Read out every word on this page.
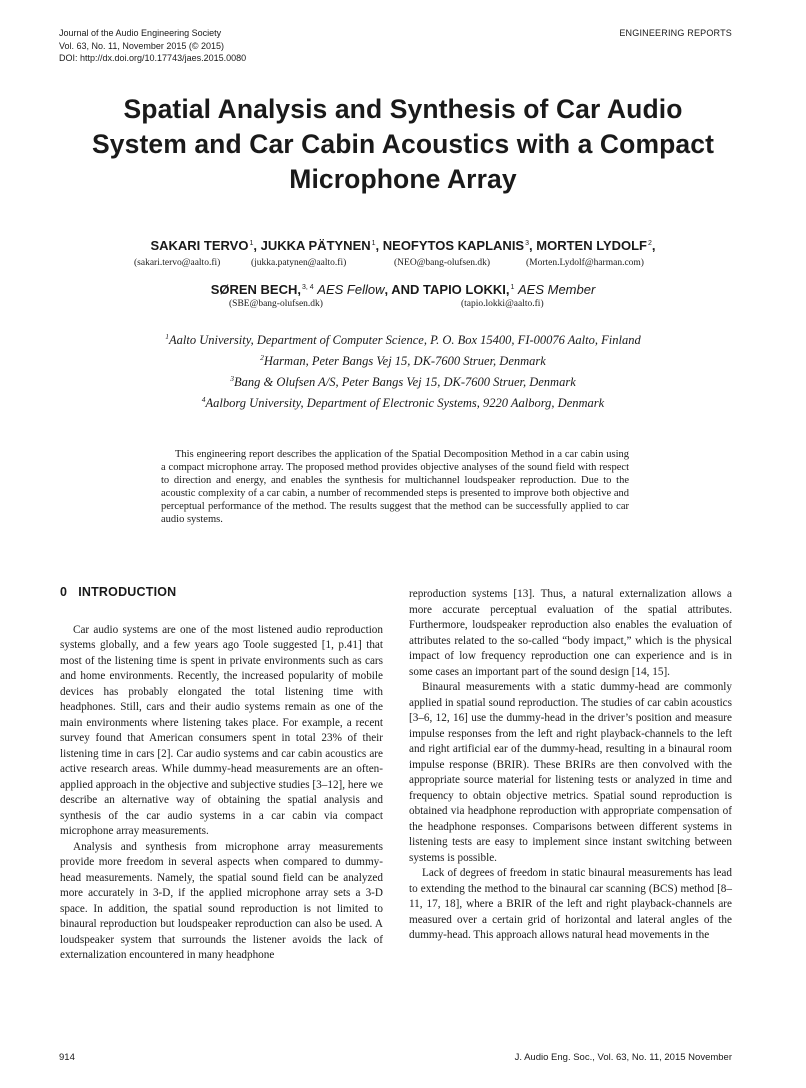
Journal of the Audio Engineering Society
Vol. 63, No. 11, November 2015 (© 2015)
DOI: http://dx.doi.org/10.17743/jaes.2015.0080
ENGINEERING REPORTS
Spatial Analysis and Synthesis of Car Audio
System and Car Cabin Acoustics with a Compact
Microphone Array
SAKARI TERVO$^1$, JUKKA PÄTYNEN$^1$, NEOFYTOS KAPLANIS$^3$, MORTEN LYDOLF$^2$,
(sakari.tervo@aalto.fi)	(jukka.patynen@aalto.fi)	(NEO@bang-olufsen.dk)	(Morten.Lydolf@harman.com)
SØREN BECH,$^{3, 4}$ AES Fellow, AND TAPIO LOKKI,$^1$ AES Member
(SBE@bang-olufsen.dk)	(tapio.lokki@aalto.fi)
$^1$Aalto University, Department of Computer Science, P. O. Box 15400, FI-00076 Aalto, Finland
$^2$Harman, Peter Bangs Vej 15, DK-7600 Struer, Denmark
$^3$Bang & Olufsen A/S, Peter Bangs Vej 15, DK-7600 Struer, Denmark
$^4$Aalborg University, Department of Electronic Systems, 9220 Aalborg, Denmark
This engineering report describes the application of the Spatial Decomposition Method in a car cabin using a compact microphone array. The proposed method provides objective analyses of the sound field with respect to direction and energy, and enables the synthesis for multichannel loudspeaker reproduction. Due to the acoustic complexity of a car cabin, a number of recommended steps is presented to improve both objective and perceptual performance of the method. The results suggest that the method can be successfully applied to car audio systems.
0 INTRODUCTION

Car audio systems are one of the most listened audio reproduction systems globally, and a few years ago Toole suggested [1, p.41] that most of the listening time is spent in private environments such as cars and home environments. Recently, the increased popularity of mobile devices has probably elongated the total listening time with headphones. Still, cars and their audio systems remain as one of the main environments where listening takes place. For example, a recent survey found that American consumers spent in total 23% of their listening time in cars [2]. Car audio systems and car cabin acoustics are active research areas. While dummy-head measurements are an often-applied approach in the objective and subjective studies [3–12], here we describe an alternative way of obtaining the spatial analysis and synthesis of the car audio systems in a car cabin via compact microphone array measurements.

Analysis and synthesis from microphone array measurements provide more freedom in several aspects when compared to dummy-head measurements. Namely, the spatial sound field can be analyzed more accurately in 3-D, if the applied microphone array sets a 3-D space. In addition, the spatial sound reproduction is not limited to binaural reproduction but loudspeaker reproduction can also be used. A loudspeaker system that surrounds the listener avoids the lack of externalization encountered in many headphone

reproduction systems [13]. Thus, a natural externalization allows a more accurate perceptual evaluation of the spatial attributes. Furthermore, loudspeaker reproduction also enables the evaluation of attributes related to the so-called “body impact,” which is the physical impact of low frequency reproduction one can experience and is in some cases an important part of the sound design [14, 15].

Binaural measurements with a static dummy-head are commonly applied in spatial sound reproduction. The studies of car cabin acoustics [3–6, 12, 16] use the dummy-head in the driver’s position and measure impulse responses from the left and right playback-channels to the left and right artificial ear of the dummy-head, resulting in a binaural room impulse response (BRIR). These BRIRs are then convolved with the appropriate source material for listening tests or analyzed in time and frequency to obtain objective metrics. Spatial sound reproduction is obtained via headphone reproduction with appropriate compensation of the headphone responses. Comparisons between different systems in listening tests are easy to implement since instant switching between systems is possible.

Lack of degrees of freedom in static binaural measurements has lead to extending the method to the binaural car scanning (BCS) method [8–11, 17, 18], where a BRIR of the left and right playback-channels are measured over a certain grid of horizontal and lateral angles of the dummy-head. This approach allows natural head movements in the

914	J. Audio Eng. Soc., Vol. 63, No. 11, 2015 November
